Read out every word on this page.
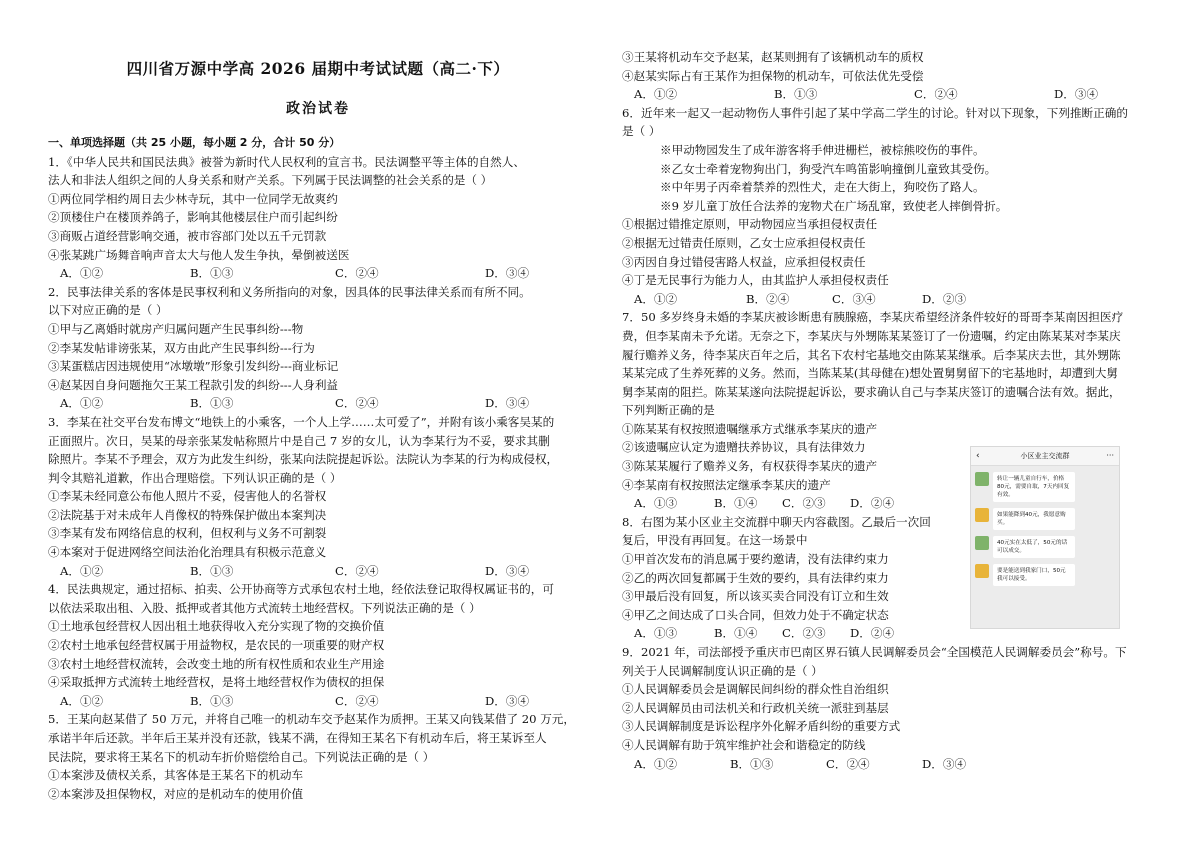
四川省万源中学高 2026 届期中考试试题（高二·下）
政治试卷
一、单项选择题（共 25 小题，每小题 2 分，合计 50 分）
1．《中华人民共和国民法典》被誉为新时代人民权利的宣言书。民法调整平等主体的自然人、
法人和非法人组织之间的人身关系和财产关系。下列属于民法调整的社会关系的是（ ）
①两位同学相约周日去少林寺玩，其中一位同学无故爽约
②顶楼住户在楼顶养鸽子，影响其他楼层住户而引起纠纷
③商贩占道经营影响交通，被市容部门处以五千元罚款
④张某跳广场舞音响声音太大与他人发生争执，晕倒被送医
A．①②	B．①③	C．②④	D．③④
2．民事法律关系的客体是民事权利和义务所指向的对象，因具体的民事法律关系而有所不同。
以下对应正确的是（ ）
①甲与乙离婚时就房产归属问题产生民事纠纷---物
②李某发帖诽谤张某，双方由此产生民事纠纷---行为
③某蛋糕店因违规使用“冰墩墩”形象引发纠纷---商业标记
④赵某因自身问题拖欠王某工程款引发的纠纷---人身利益
A．①②	B．①③	C．②④	D．③④
3．李某在社交平台发布博文“地铁上的小乘客，一个人上学……太可爱了”，并附有该小乘客吴某的
正面照片。次日，吴某的母亲张某发帖称照片中是自己 7 岁的女儿，认为李某行为不妥，要求其删
除照片。李某不予理会，双方为此发生纠纷，张某向法院提起诉讼。法院认为李某的行为构成侵权，
判令其赔礼道歉，作出合理赔偿。下列认识正确的是（ ）
①李某未经同意公布他人照片不妥，侵害他人的名誉权
②法院基于对未成年人肖像权的特殊保护做出本案判决
③李某有发布网络信息的权利，但权利与义务不可割裂
④本案对于促进网络空间法治化治理具有积极示范意义
A．①②	B．①③	C．②④	D．③④
4．民法典规定，通过招标、拍卖、公开协商等方式承包农村土地，经依法登记取得权属证书的，可
以依法采取出租、入股、抵押或者其他方式流转土地经营权。下列说法正确的是（ ）
①土地承包经营权人因出租土地获得收入充分实现了物的交换价值
②农村土地承包经营权属于用益物权，是农民的一项重要的财产权
③农村土地经营权流转，会改变土地的所有权性质和农业生产用途
④采取抵押方式流转土地经营权，是将土地经营权作为债权的担保
A．①②	B．①③	C．②④	D．③④
5．王某向赵某借了 50 万元，并将自己唯一的机动车交予赵某作为质押。王某又向钱某借了 20 万元，
承诺半年后还款。半年后王某并没有还款，钱某不满，在得知王某名下有机动车后，将王某诉至人
民法院，要求将王某名下的机动车折价赔偿给自己。下列说法正确的是（ ）
①本案涉及债权关系，其客体是王某名下的机动车
②本案涉及担保物权，对应的是机动车的使用价值
③王某将机动车交予赵某，赵某则拥有了该辆机动车的质权
④赵某实际占有王某作为担保物的机动车，可依法优先受偿
A．①②	B．①③	C．②④	D．③④
6．近年来一起又一起动物伤人事件引起了某中学高二学生的讨论。针对以下现象，下列推断正确的
是（ ）
※甲动物园发生了成年游客将手伸进栅栏，被棕熊咬伤的事件。
※乙女士牵着宠物狗出门，狗受汽车鸣笛影响撞倒儿童致其受伤。
※中年男子丙牵着禁养的烈性犬，走在大街上，狗咬伤了路人。
※9 岁儿童丁放任合法养的宠物犬在广场乱窜，致使老人摔倒骨折。
①根据过错推定原则，甲动物园应当承担侵权责任
②根据无过错责任原则，乙女士应承担侵权责任
③丙因自身过错侵害路人权益，应承担侵权责任
④丁是无民事行为能力人，由其监护人承担侵权责任
A．①②	B．②④	C．③④	D．②③
7．50 多岁终身未婚的李某庆被诊断患有胰腺癌，李某庆希望经济条件较好的哥哥李某南因担医疗
费，但李某南未予允诺。无奈之下，李某庆与外甥陈某某签订了一份遗嘱，约定由陈某某对李某庆
履行赡养义务，待李某庆百年之后，其名下农村宅基地交由陈某某继承。后李某庆去世，其外甥陈
某某完成了生养死葬的义务。然而，当陈某某(其母健在)想处置舅舅留下的宅基地时，却遭到大舅
舅李某南的阻拦。陈某某遂向法院提起诉讼，要求确认自己与李某庆签订的遗嘱合法有效。据此，
下列判断正确的是
①陈某某有权按照遗嘱继承方式继承李某庆的遗产
②该遗嘱应认定为遗赠扶养协议，具有法律效力
③陈某某履行了赡养义务，有权获得李某庆的遗产
④李某南有权按照法定继承李某庆的遗产
A．①③	B．①④	C．②③	D．②④
8．右图为某小区业主交流群中聊天内容截图。乙最后一次回
复后，甲没有再回复。在这一场景中
①甲首次发布的消息属于要约邀请，没有法律约束力
②乙的两次回复都属于生效的要约，具有法律约束力
③甲最后没有回复，所以该买卖合同没有订立和生效
④甲乙之间达成了口头合同，但效力处于不确定状态
A．①③	B．①④	C．②③	D．②④
9．2021 年，司法部授予重庆市巴南区界石镇人民调解委员会“全国模范人民调解委员会”称号。下
列关于人民调解制度认识正确的是（ ）
①人民调解委员会是调解民间纠纷的群众性自治组织
②人民调解员由司法机关和行政机关统一派驻到基层
③人民调解制度是诉讼程序外化解矛盾纠纷的重要方式
④人民调解有助于筑牢维护社会和谐稳定的防线
A．①②	B．①③	C．②④	D．③④
‹	小区业主交流群	···
转让一辆儿童自行车，价格80元，需要自取，7天内回复有效。
如果能降到40元，我愿意购买。
40元实在太低了，50元的话可以成交。
要是能送到我家门口，50元我可以接受。
